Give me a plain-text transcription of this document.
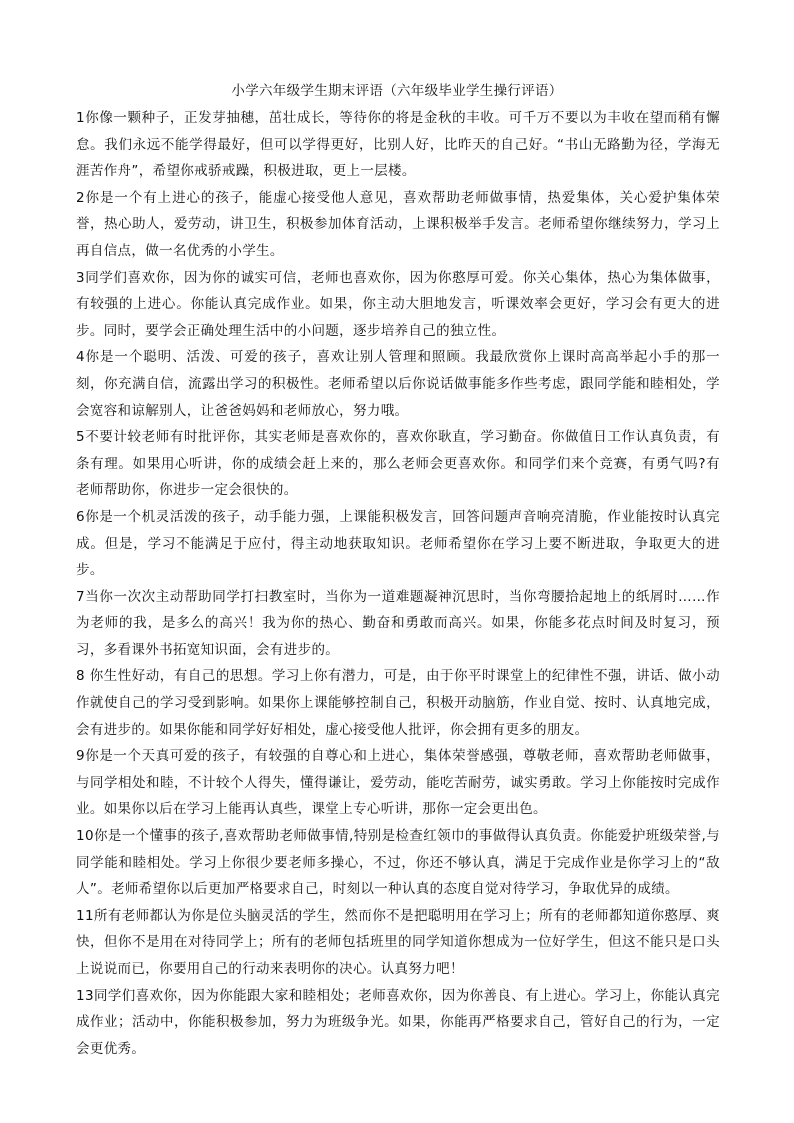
小学六年级学生期末评语（六年级毕业学生操行评语）

1你像一颗种子，正发芽抽穗，茁壮成长，等待你的将是金秋的丰收。可千万不要以为丰收在望而稍有懈怠。我们永远不能学得最好，但可以学得更好，比别人好，比昨天的自己好。“书山无路勤为径，学海无涯苦作舟”，希望你戒骄戒躁，积极进取，更上一层楼。

2你是一个有上进心的孩子，能虚心接受他人意见，喜欢帮助老师做事情，热爱集体，关心爱护集体荣誉，热心助人，爱劳动，讲卫生，积极参加体育活动，上课积极举手发言。老师希望你继续努力，学习上再自信点，做一名优秀的小学生。

3同学们喜欢你，因为你的诚实可信，老师也喜欢你，因为你憨厚可爱。你关心集体，热心为集体做事，有较强的上进心。你能认真完成作业。如果，你主动大胆地发言，听课效率会更好，学习会有更大的进步。同时，要学会正确处理生活中的小问题，逐步培养自己的独立性。

4你是一个聪明、活泼、可爱的孩子，喜欢让别人管理和照顾。我最欣赏你上课时高高举起小手的那一刻，你充满自信，流露出学习的积极性。老师希望以后你说话做事能多作些考虑，跟同学能和睦相处，学会宽容和谅解别人，让爸爸妈妈和老师放心，努力哦。

5不要计较老师有时批评你，其实老师是喜欢你的，喜欢你耿直，学习勤奋。你做值日工作认真负责，有条有理。如果用心听讲，你的成绩会赶上来的，那么老师会更喜欢你。和同学们来个竞赛，有勇气吗?有老师帮助你，你进步一定会很快的。

6你是一个机灵活泼的孩子，动手能力强，上课能积极发言，回答问题声音响亮清脆，作业能按时认真完成。但是，学习不能满足于应付，得主动地获取知识。老师希望你在学习上要不断进取，争取更大的进步。

7当你一次次主动帮助同学打扫教室时，当你为一道难题凝神沉思时，当你弯腰拾起地上的纸屑时……作为老师的我，是多么的高兴！我为你的热心、勤奋和勇敢而高兴。如果，你能多花点时间及时复习，预习，多看课外书拓宽知识面，会有进步的。

8 你生性好动，有自己的思想。学习上你有潜力，可是，由于你平时课堂上的纪律性不强，讲话、做小动作就使自己的学习受到影响。如果你上课能够控制自己，积极开动脑筋，作业自觉、按时、认真地完成，会有进步的。如果你能和同学好好相处，虚心接受他人批评，你会拥有更多的朋友。

9你是一个天真可爱的孩子，有较强的自尊心和上进心，集体荣誉感强，尊敬老师，喜欢帮助老师做事，与同学相处和睦，不计较个人得失，懂得谦让，爱劳动，能吃苦耐劳，诚实勇敢。学习上你能按时完成作业。如果你以后在学习上能再认真些，课堂上专心听讲，那你一定会更出色。

10你是一个懂事的孩子,喜欢帮助老师做事情,特别是检查红领巾的事做得认真负责。你能爱护班级荣誉,与同学能和睦相处。学习上你很少要老师多操心，不过，你还不够认真，满足于完成作业是你学习上的“敌人”。老师希望你以后更加严格要求自己，时刻以一种认真的态度自觉对待学习，争取优异的成绩。

11所有老师都认为你是位头脑灵活的学生，然而你不是把聪明用在学习上；所有的老师都知道你憨厚、爽快，但你不是用在对待同学上；所有的老师包括班里的同学知道你想成为一位好学生，但这不能只是口头上说说而已，你要用自己的行动来表明你的决心。认真努力吧！

13同学们喜欢你，因为你能跟大家和睦相处；老师喜欢你，因为你善良、有上进心。学习上，你能认真完成作业；活动中，你能积极参加，努力为班级争光。如果，你能再严格要求自己，管好自己的行为，一定会更优秀。
